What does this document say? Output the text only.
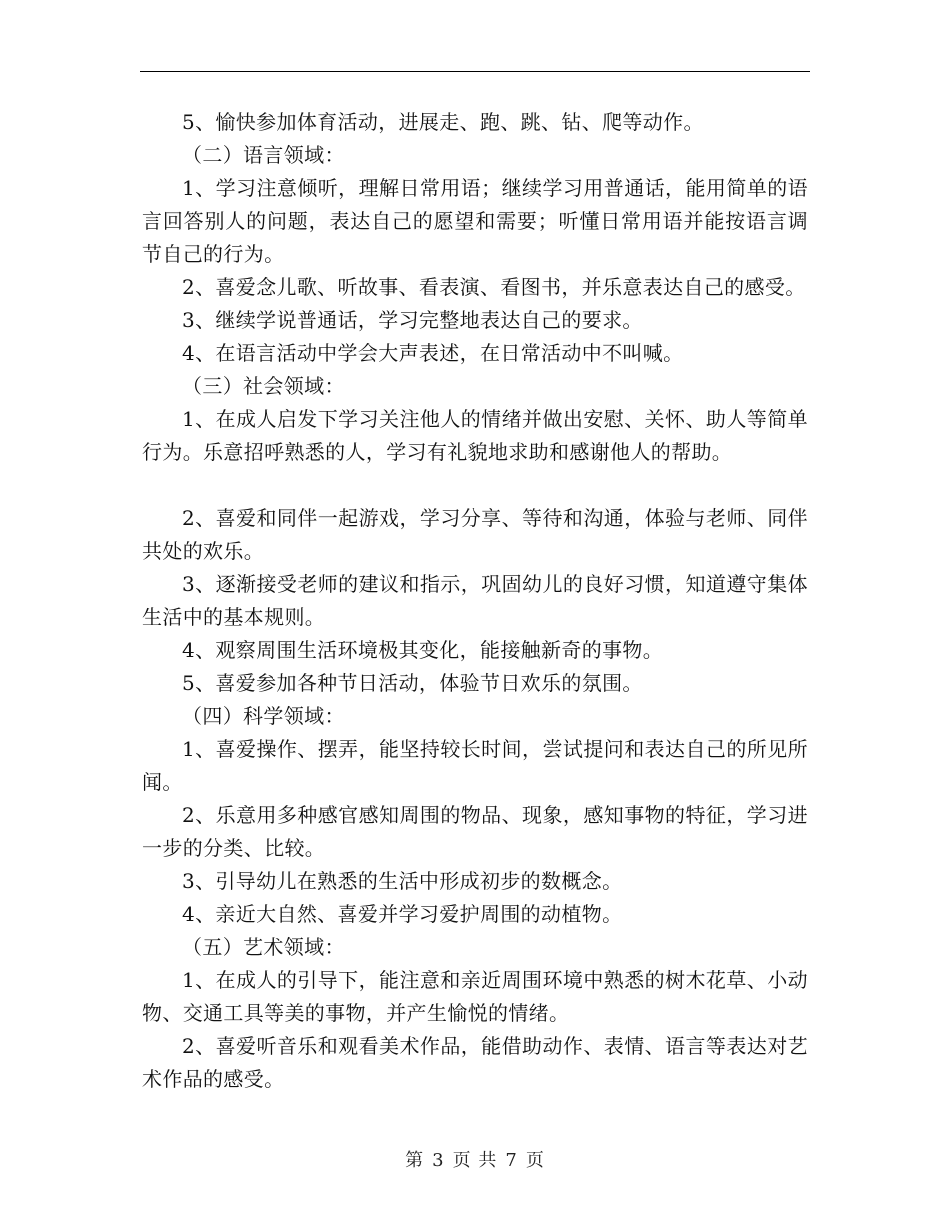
5、愉快参加体育活动，进展走、跑、跳、钻、爬等动作。

（二）语言领域：

1、学习注意倾听，理解日常用语；继续学习用普通话，能用简单的语言回答别人的问题，表达自己的愿望和需要；听懂日常用语并能按语言调节自己的行为。

2、喜爱念儿歌、听故事、看表演、看图书，并乐意表达自己的感受。

3、继续学说普通话，学习完整地表达自己的要求。

4、在语言活动中学会大声表述，在日常活动中不叫喊。

（三）社会领域：

1、在成人启发下学习关注他人的情绪并做出安慰、关怀、助人等简单行为。乐意招呼熟悉的人，学习有礼貌地求助和感谢他人的帮助。

2、喜爱和同伴一起游戏，学习分享、等待和沟通，体验与老师、同伴共处的欢乐。

3、逐渐接受老师的建议和指示，巩固幼儿的良好习惯，知道遵守集体生活中的基本规则。

4、观察周围生活环境极其变化，能接触新奇的事物。

5、喜爱参加各种节日活动，体验节日欢乐的氛围。

（四）科学领域：

1、喜爱操作、摆弄，能坚持较长时间，尝试提问和表达自己的所见所闻。

2、乐意用多种感官感知周围的物品、现象，感知事物的特征，学习进一步的分类、比较。

3、引导幼儿在熟悉的生活中形成初步的数概念。

4、亲近大自然、喜爱并学习爱护周围的动植物。

（五）艺术领域：

1、在成人的引导下，能注意和亲近周围环境中熟悉的树木花草、小动物、交通工具等美的事物，并产生愉悦的情绪。

2、喜爱听音乐和观看美术作品，能借助动作、表情、语言等表达对艺术作品的感受。

第 3 页 共 7 页
